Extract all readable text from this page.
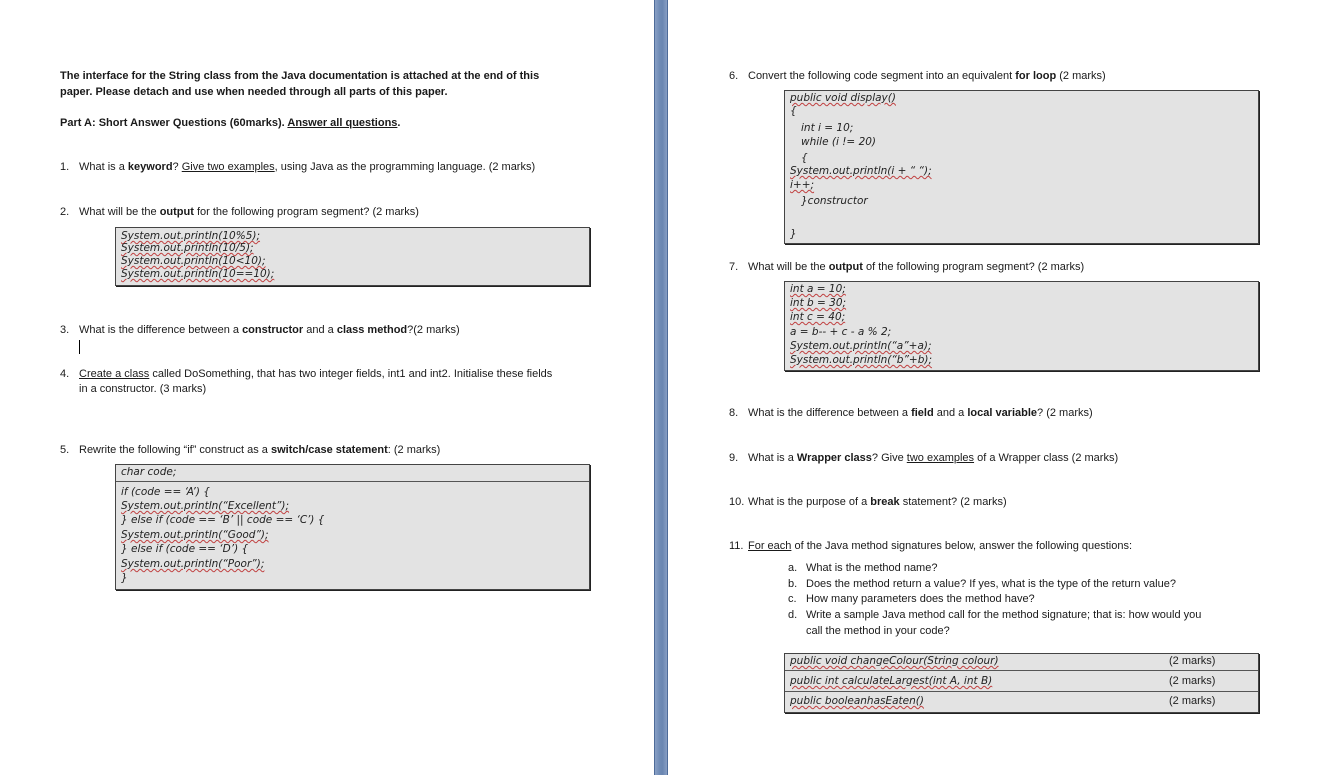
The interface for the String class from the Java documentation is attached at the end of this
paper. Please detach and use when needed through all parts of this paper.
Part A: Short Answer Questions (60marks). Answer all questions.
1. What is a keyword? Give two examples, using Java as the programming language. (2 marks)
2. What will be the output for the following program segment? (2 marks)
System.out.println(10%5);
System.out.println(10/5);
System.out.println(10<10);
System.out.println(10==10);
3. What is the difference between a constructor and a class method?(2 marks)
4. Create a class called DoSomething, that has two integer fields, int1 and int2. Initialise these fields
in a constructor. (3 marks)
5. Rewrite the following “if” construct as a switch/case statement: (2 marks)
char code;
if (code == ‘A’) {
System.out.println(“Excellent”);
} else if (code == ‘B’ || code == ‘C’) {
System.out.println(“Good”);
} else if (code == ‘D’) {
System.out.println(“Poor”);
}
6. Convert the following code segment into an equivalent for loop (2 marks)
public void display()
{
int i = 10;
while (i != 20)
{
System.out.println(i + “ “);
i++;
}constructor
}
7. What will be the output of the following program segment? (2 marks)
int a = 10;
int b = 30;
int c = 40;
a = b-- + c - a % 2;
System.out.println(“a”+a);
System.out.println(“b”+b);
8. What is the difference between a field and a local variable? (2 marks)
9. What is a Wrapper class? Give two examples of a Wrapper class (2 marks)
10. What is the purpose of a break statement? (2 marks)
11. For each of the Java method signatures below, answer the following questions:
a. What is the method name?
b. Does the method return a value? If yes, what is the type of the return value?
c. How many parameters does the method have?
d. Write a sample Java method call for the method signature; that is: how would you
call the method in your code?
public void changeColour(String colour)	(2 marks)
public int calculateLargest(int A, int B)	(2 marks)
public booleanhasEaten()	(2 marks)
